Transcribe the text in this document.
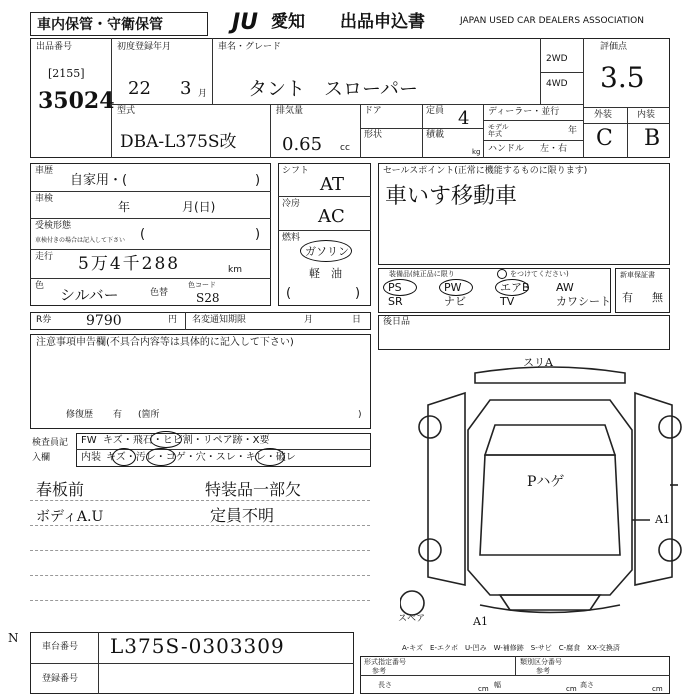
車内保管・守衛保管	JU 愛知 出品申込書	JAPAN USED CAR DEALERS ASSOCIATION
出品番号
[2155]
35024
初度登録年月
22 3 月
車名・グレード
タント　スローパー
2WD
4WD
評価点
3.5
外装	内装
C B
型式
DBA-L375S改
排気量
0.65 cc
ドア
形状
定員 4
積載
kg
ディーラー・並行
モデル年式	年
ハンドル 左・右
車歴
自家用・(	)
車検
年	月(日)
受検形態
車検付きの場合は記入して下さい (	)
走行 5万4千288	km
色 シルバー	色替
色コード
S28
シフト
AT
冷房
AC
燃料
ガソリン
軽　油
(	)
セールスポイント(正常に機能するものに限ります)
車いす移動車
装備品(純正品に限り	をつけてください)
PS	PW	エアB AW
SR	ナビ	TV	カワシート
新車保証書
有 無
R券 9790	円 名変通知期限	月	日 後日品
注意事項申告欄(不具合内容等は具体的に記入して下さい)
修復歴 有 (箇所	)
検査員記入欄
FW キズ・飛石・ヒビ割・リペア跡・X要
内装 キズ・汚レ・コゲ・穴・スレ・キレ・破レ
春板前	特装品一部欠
ボディA.U	定員不明
スリA
Pハゲ
A1
A1
スペア
N
車台番号 L375S-0303309
登録番号
A-キズ　E-エクボ　U-凹み　W-補修跡　S-サビ　C-腐食　XX-交換済
形式指定番号
参考
類別区分番号
参考
長さ	cm 幅	cm 高さ	cm
